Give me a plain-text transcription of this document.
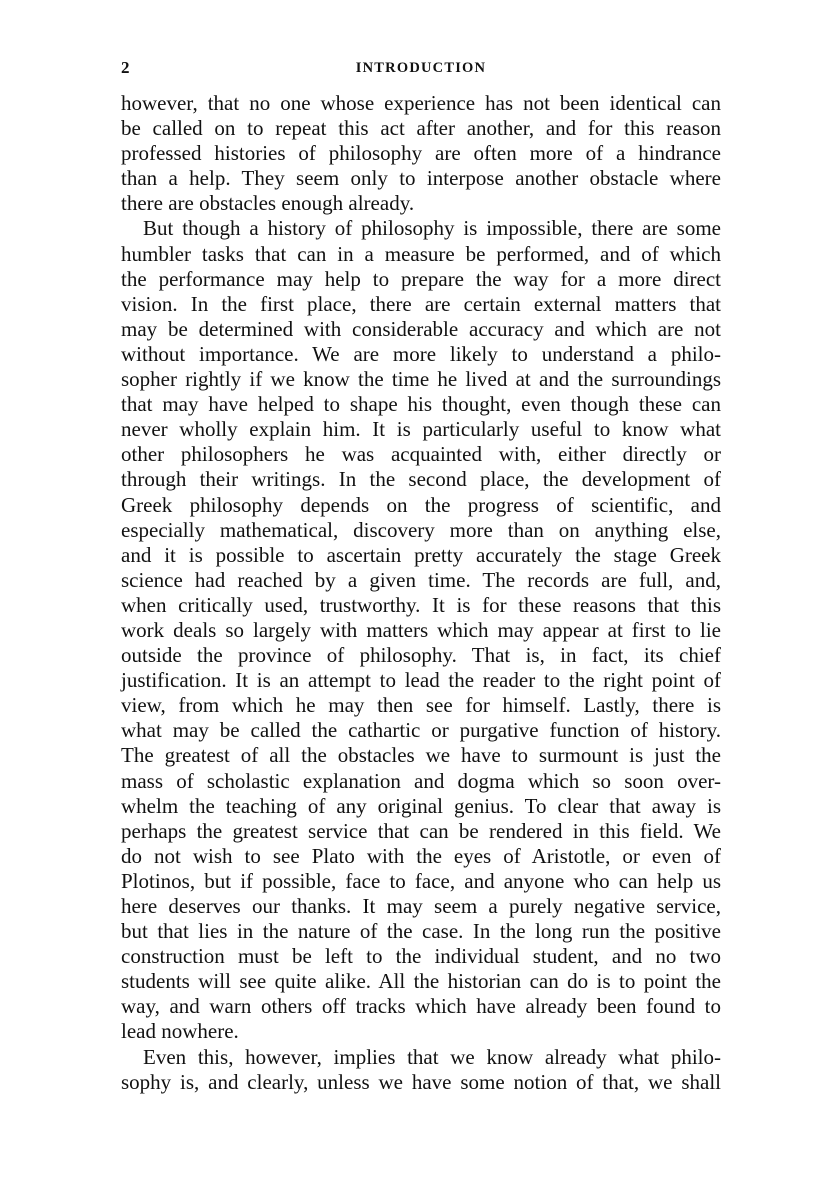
2	INTRODUCTION
however, that no one whose experience has not been identical can
be called on to repeat this act after another, and for this reason
professed histories of philosophy are often more of a hindrance
than a help. They seem only to interpose another obstacle where
there are obstacles enough already.
But though a history of philosophy is impossible, there are some
humbler tasks that can in a measure be performed, and of which
the performance may help to prepare the way for a more direct
vision. In the first place, there are certain external matters that
may be determined with considerable accuracy and which are not
without importance. We are more likely to understand a philo-
sopher rightly if we know the time he lived at and the surroundings
that may have helped to shape his thought, even though these can
never wholly explain him. It is particularly useful to know what
other philosophers he was acquainted with, either directly or
through their writings. In the second place, the development of
Greek philosophy depends on the progress of scientific, and
especially mathematical, discovery more than on anything else,
and it is possible to ascertain pretty accurately the stage Greek
science had reached by a given time. The records are full, and,
when critically used, trustworthy. It is for these reasons that this
work deals so largely with matters which may appear at first to lie
outside the province of philosophy. That is, in fact, its chief
justification. It is an attempt to lead the reader to the right point of
view, from which he may then see for himself. Lastly, there is
what may be called the cathartic or purgative function of history.
The greatest of all the obstacles we have to surmount is just the
mass of scholastic explanation and dogma which so soon over-
whelm the teaching of any original genius. To clear that away is
perhaps the greatest service that can be rendered in this field. We
do not wish to see Plato with the eyes of Aristotle, or even of
Plotinos, but if possible, face to face, and anyone who can help us
here deserves our thanks. It may seem a purely negative service,
but that lies in the nature of the case. In the long run the positive
construction must be left to the individual student, and no two
students will see quite alike. All the historian can do is to point the
way, and warn others off tracks which have already been found to
lead nowhere.
Even this, however, implies that we know already what philo-
sophy is, and clearly, unless we have some notion of that, we shall
